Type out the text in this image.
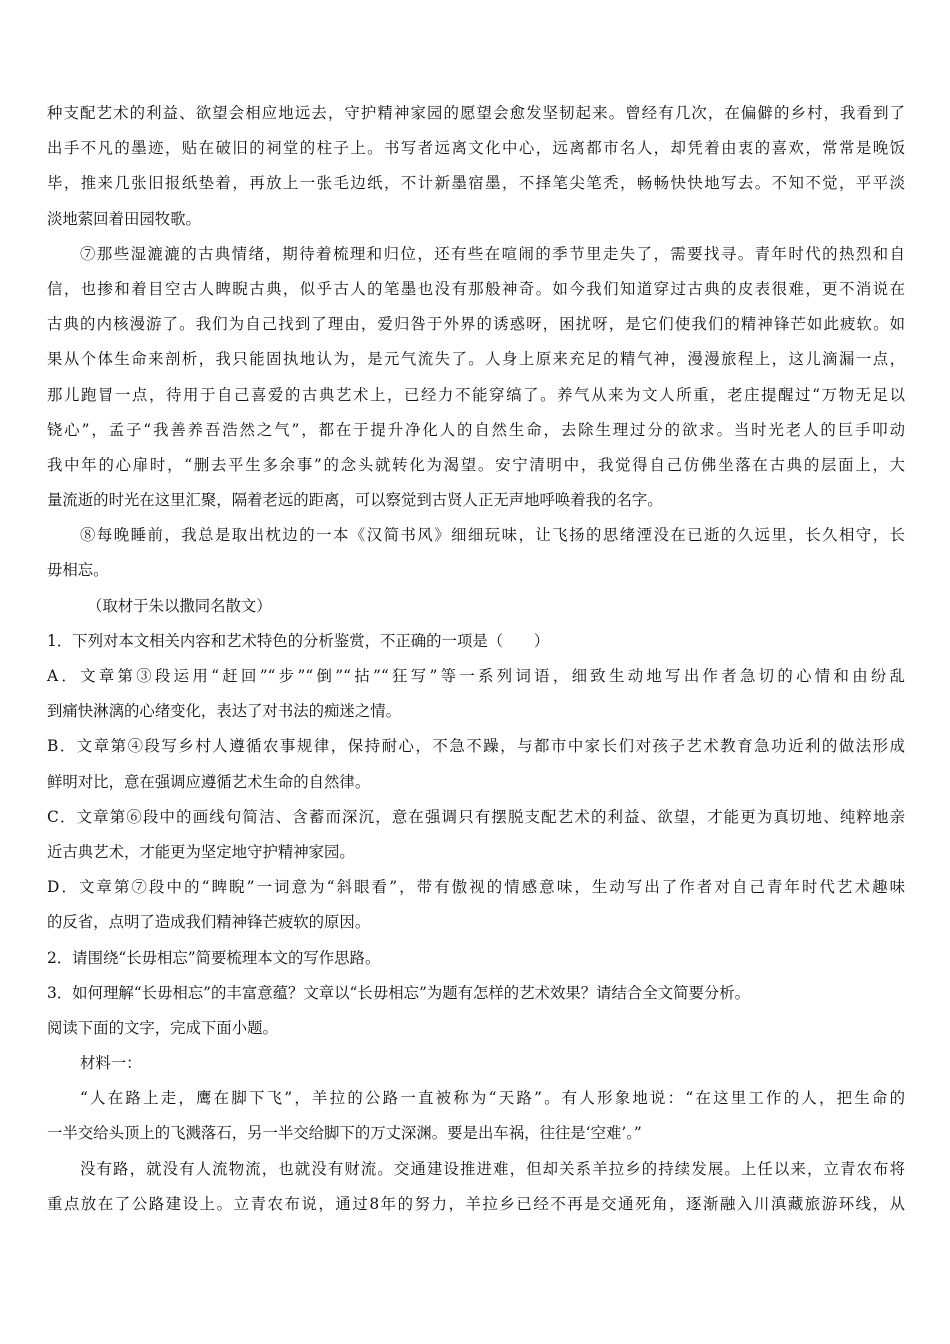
种支配艺术的利益、欲望会相应地远去，守护精神家园的愿望会愈发坚韧起来。曾经有几次，在偏僻的乡村，我看到了
出手不凡的墨迹，贴在破旧的祠堂的柱子上。书写者远离文化中心，远离都市名人，却凭着由衷的喜欢，常常是晚饭
毕，推来几张旧报纸垫着，再放上一张毛边纸，不计新墨宿墨，不择笔尖笔秃，畅畅快快地写去。不知不觉，平平淡
淡地萦回着田园牧歌。
⑦那些湿漉漉的古典情绪，期待着梳理和归位，还有些在喧闹的季节里走失了，需要找寻。青年时代的热烈和自
信，也掺和着目空古人睥睨古典，似乎古人的笔墨也没有那般神奇。如今我们知道穿过古典的皮表很难，更不消说在
古典的内核漫游了。我们为自己找到了理由，爱归咎于外界的诱惑呀，困扰呀，是它们使我们的精神锋芒如此疲软。如
果从个体生命来剖析，我只能固执地认为，是元气流失了。人身上原来充足的精气神，漫漫旅程上，这儿滴漏一点，
那儿跑冒一点，待用于自己喜爱的古典艺术上，已经力不能穿缟了。养气从来为文人所重，老庄提醒过“万物无足以
铙心”，孟子“我善养吾浩然之气”，都在于提升净化人的自然生命，去除生理过分的欲求。当时光老人的巨手叩动
我中年的心扉时，“删去平生多余事”的念头就转化为渴望。安宁清明中，我觉得自己仿佛坐落在古典的层面上，大
量流逝的时光在这里汇聚，隔着老远的距离，可以察觉到古贤人正无声地呼唤着我的名字。
⑧每晚睡前，我总是取出枕边的一本《汉简书风》细细玩味，让飞扬的思绪湮没在已逝的久远里，长久相守，长
毋相忘。
（取材于朱以撒同名散文）
1．下列对本文相关内容和艺术特色的分析鉴赏，不正确的一项是（　　）
A．文章第③段运用“赶回”“步”“倒”“拈”“狂写”等一系列词语，细致生动地写出作者急切的心情和由纷乱
到痛快淋漓的心绪变化，表达了对书法的痴迷之情。
B．文章第④段写乡村人遵循农事规律，保持耐心，不急不躁，与都市中家长们对孩子艺术教育急功近利的做法形成
鲜明对比，意在强调应遵循艺术生命的自然律。
C．文章第⑥段中的画线句简洁、含蓄而深沉，意在强调只有摆脱支配艺术的利益、欲望，才能更为真切地、纯粹地亲
近古典艺术，才能更为坚定地守护精神家园。
D．文章第⑦段中的“睥睨”一词意为“斜眼看”，带有傲视的情感意味，生动写出了作者对自己青年时代艺术趣味
的反省，点明了造成我们精神锋芒疲软的原因。
2．请围绕“长毋相忘”简要梳理本文的写作思路。
3．如何理解“长毋相忘”的丰富意蕴？文章以“长毋相忘”为题有怎样的艺术效果？请结合全文简要分析。
阅读下面的文字，完成下面小题。
材料一：
“人在路上走，鹰在脚下飞”，羊拉的公路一直被称为“天路”。有人形象地说：“在这里工作的人，把生命的
一半交给头顶上的飞溅落石，另一半交给脚下的万丈深渊。要是出车祸，往往是‘空难’。”
没有路，就没有人流物流，也就没有财流。交通建设推进难，但却关系羊拉乡的持续发展。上任以来，立青农布将
重点放在了公路建设上。立青农布说，通过8年的努力，羊拉乡已经不再是交通死角，逐渐融入川滇藏旅游环线，从
